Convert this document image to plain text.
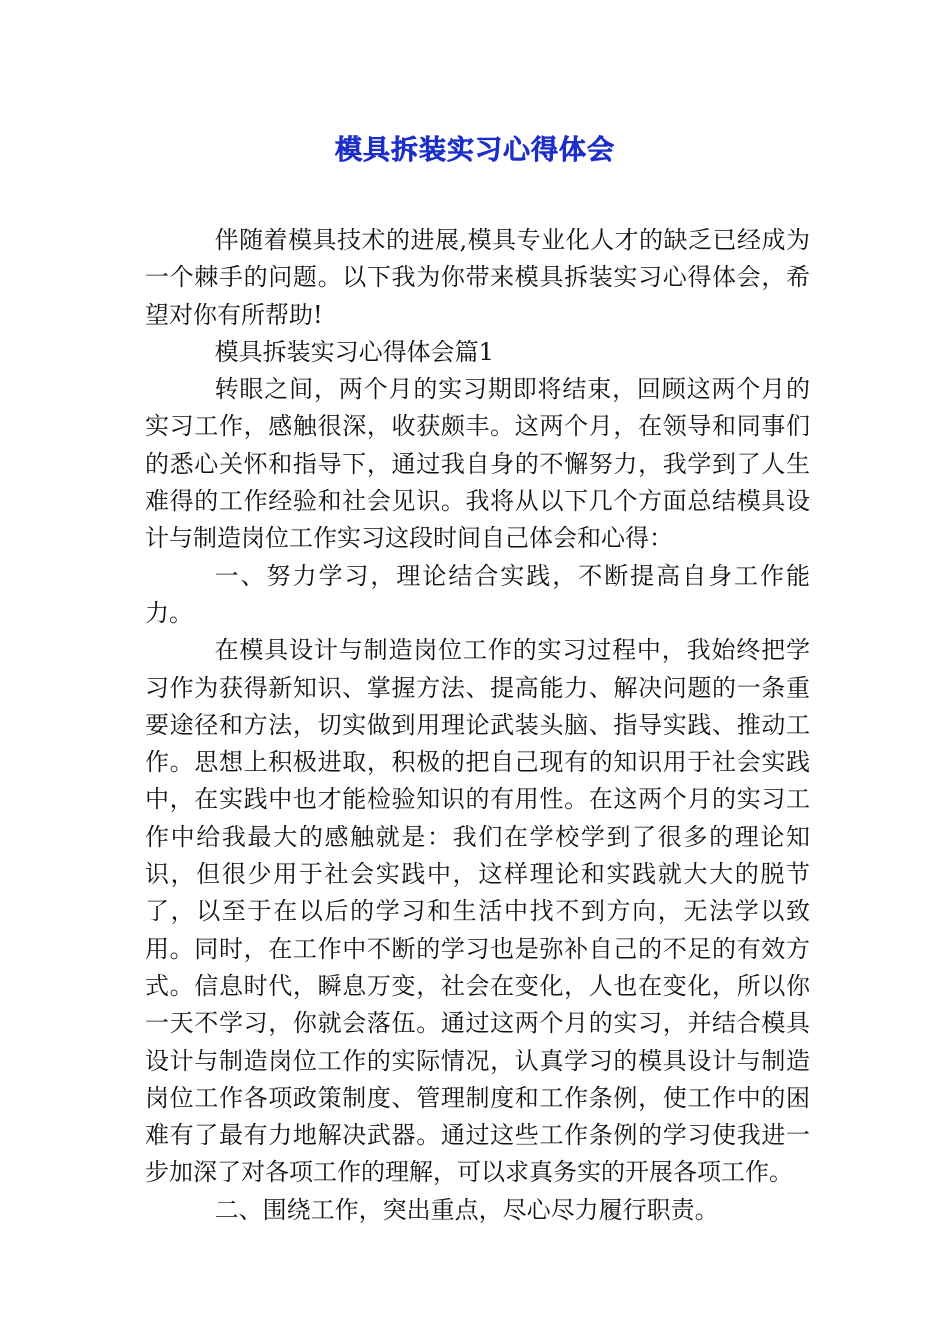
模具拆装实习心得体会

伴随着模具技术的进展,模具专业化人才的缺乏已经成为一个棘手的问题。以下我为你带来模具拆装实习心得体会，希望对你有所帮助!

模具拆装实习心得体会篇1

转眼之间，两个月的实习期即将结束，回顾这两个月的实习工作，感触很深，收获颇丰。这两个月，在领导和同事们的悉心关怀和指导下，通过我自身的不懈努力，我学到了人生难得的工作经验和社会见识。我将从以下几个方面总结模具设计与制造岗位工作实习这段时间自己体会和心得：

一、努力学习，理论结合实践，不断提高自身工作能力。

在模具设计与制造岗位工作的实习过程中，我始终把学习作为获得新知识、掌握方法、提高能力、解决问题的一条重要途径和方法，切实做到用理论武装头脑、指导实践、推动工作。思想上积极进取，积极的把自己现有的知识用于社会实践中，在实践中也才能检验知识的有用性。在这两个月的实习工作中给我最大的感触就是：我们在学校学到了很多的理论知识，但很少用于社会实践中，这样理论和实践就大大的脱节了，以至于在以后的学习和生活中找不到方向，无法学以致用。同时，在工作中不断的学习也是弥补自己的不足的有效方式。信息时代，瞬息万变，社会在变化，人也在变化，所以你一天不学习，你就会落伍。通过这两个月的实习，并结合模具设计与制造岗位工作的实际情况，认真学习的模具设计与制造岗位工作各项政策制度、管理制度和工作条例，使工作中的困难有了最有力地解决武器。通过这些工作条例的学习使我进一步加深了对各项工作的理解，可以求真务实的开展各项工作。

二、围绕工作，突出重点，尽心尽力履行职责。
